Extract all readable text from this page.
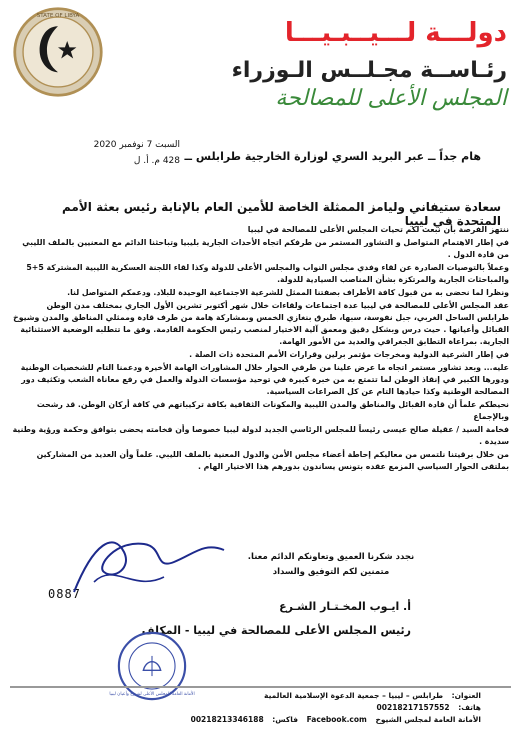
STATE OF LIBYA
دولـــة لـــيــبـيـــا
رئـاســة مجـلــس الـوزراء
المجلس الأعلى للمصالحة
السبت 7 نوفمبر 2020
428 م. أ. ل هام جداً ــ عبر البريد السري لوزارة الخارجية طرابلس ــ
سعادة ستيفاني وليامز الممثلة الخاصة للأمين العام بالإنابة رئيس بعثة الأمم المتحدة في ليبيا

ننتهز الفرصة بأن نبعث لكم تحيات المجلس الأعلى للمصالحة في ليبيا

في إطار الاهتمام المتواصل و التشاور المستمر من طرفكم اتجاه الأحداث الجارية بليبيا وتباحثنا الدائم مع المعنيين بالملف الليبي من قادة الدول .

وعملاً بالتوصيات الصادرة عن لقاء وفدي مجلس النواب والمجلس الأعلى للدولة وكذا لقاء اللجنة العسكرية الليبية المشتركة 5+5 والمباحثات الجارية والمرتكزة بشأن المناصب السيادية للدولة.

ونظرا لما نحضى به من قبول كافة الأطراف بصفتنا الممثل للشرعية الاجتماعية الوحيدة للبلاد. ودعمكم المتواصل لنا.

عقد المجلس الأعلى للمصالحة في ليبيا عدة اجتماعات ولقاءات خلال شهر أكتوبر تشرين الأول الجاري بمختلف مدن الوطن طرابلس الساحل الغربي، جبل نفوسة، سبها، طبرق بنغازي الخمس وبمشاركة هامة من طرف قادة وممثلي المناطق والمدن وشيوخ القبائل وأعيانها . حيث درس وبشكل دقيق ومعمق آلية الاختيار لمنصب رئيس الحكومة القادمة. وفق ما تتطلبه الوضعية الاستثنائية الجارية. بمراعاة التطابق الجغرافي والعديد من الأمور الهامة.

في إطار الشرعية الدولية ومخرجات مؤتمر برلين وقرارات الأمم المتحدة ذات الصلة .

عليه... وبعد تشاور مستمر اتجاه ما عرض علينا من طرفي الحوار خلال المشاورات الهامة الأخيرة ودعمنا التام للشخصيات الوطنية ودورها الكبير في إنقاذ الوطن لما تتمتع به من خبرة كبيرة في توحيد مؤسسات الدولة والعمل في رفع معاناة الشعب وتكثيف دور المصالحة الوطنية وكذا حيادها التام عن كل الصراعات السياسية.

نحيطكم علماً أن قادة القبائل والمناطق والمدن الليبية والمكونات الثقافية بكافة تركيباتهم في كافة أركان الوطن. قد رشحت وبالإجماع

فخامة السيد / عقيلة صالح عيسى رئيساً للمجلس الرئاسي الجديد لدولة ليبيا خصوصا وأن فخامته يحضى بتوافق وحكمة ورؤية وطنية سديدة .

من خلال برقيتنا نلتمس من معاليكم إحاطة أعضاء مجلس الأمن والدول المعنية بالملف الليبي. علماً وأن العديد من المشاركين بملتقى الحوار السياسي المزمع عقده بتونس يساندون بدورهم هذا الاختيار الهام .

نجدد شكرنا العميق وتعاونكم الدائم معنا.
متمنين لكم التوفيق والسداد
0887
أ. ايـوب المخـتـار الشـرع
رئيس المجلس الأعلى للمصالحة في ليبيا - المكلف
الأمانة العامة للمجلس الأعلى لشيوخ وأعيان ليبيا	العنوان: طرابلس – ليبيا – جمعية الدعوة الإسلامية العالمية
هاتف: 00218217157552
الأمانة العامة لمجلس الشيوخ Facebook.com فاكس: 00218213346188
